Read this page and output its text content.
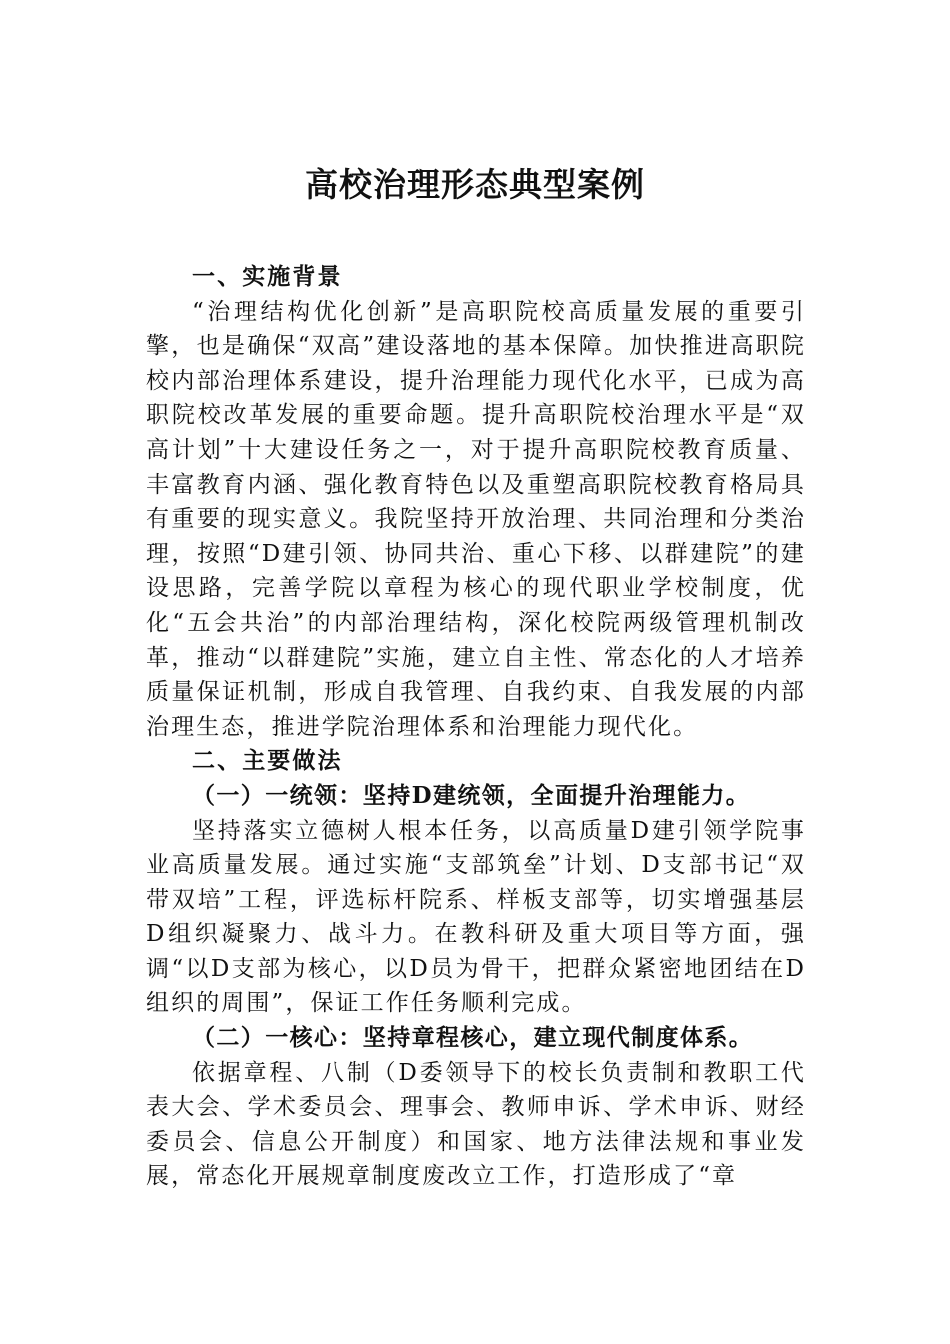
高校治理形态典型案例
一、实施背景

“治理结构优化创新”是高职院校高质量发展的重要引擎，也是确保“双高”建设落地的基本保障。加快推进高职院校内部治理体系建设，提升治理能力现代化水平，已成为高职院校改革发展的重要命题。提升高职院校治理水平是“双高计划”十大建设任务之一，对于提升高职院校教育质量、丰富教育内涵、强化教育特色以及重塑高职院校教育格局具有重要的现实意义。我院坚持开放治理、共同治理和分类治理，按照“D建引领、协同共治、重心下移、以群建院”的建设思路，完善学院以章程为核心的现代职业学校制度，优化“五会共治”的内部治理结构，深化校院两级管理机制改革，推动“以群建院”实施，建立自主性、常态化的人才培养质量保证机制，形成自我管理、自我约束、自我发展的内部治理生态，推进学院治理体系和治理能力现代化。

二、主要做法
（一）一统领：坚持D建统领，全面提升治理能力。

坚持落实立德树人根本任务，以高质量D建引领学院事业高质量发展。通过实施“支部筑垒”计划、D支部书记“双带双培”工程，评选标杆院系、样板支部等，切实增强基层D组织凝聚力、战斗力。在教科研及重大项目等方面，强调“以D支部为核心，以D员为骨干，把群众紧密地团结在D组织的周围”，保证工作任务顺利完成。

（二）一核心：坚持章程核心，建立现代制度体系。

依据章程、八制（D委领导下的校长负责制和教职工代表大会、学术委员会、理事会、教师申诉、学术申诉、财经委员会、信息公开制度）和国家、地方法律法规和事业发展，常态化开展规章制度废改立工作，打造形成了“章
